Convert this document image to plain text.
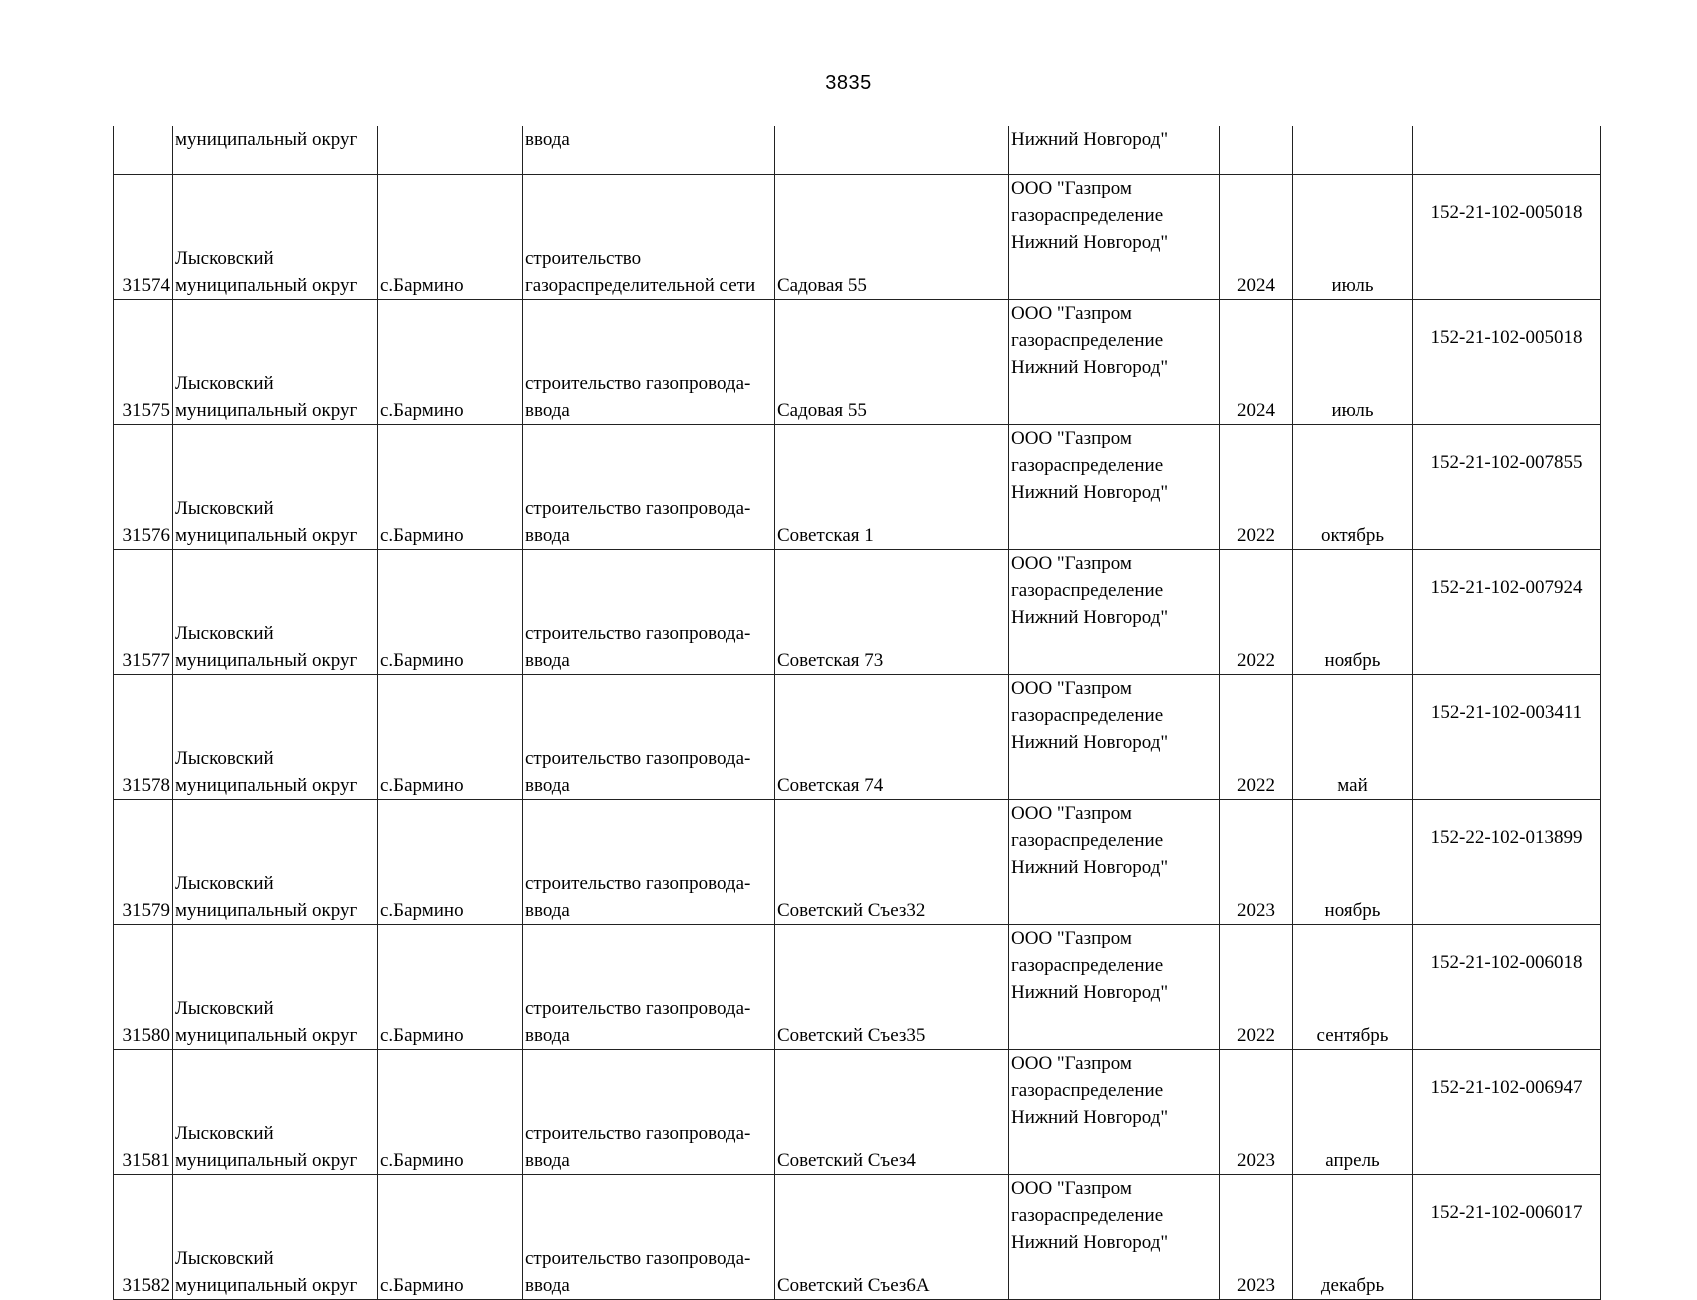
3835
	муниципальный округ		ввода		Нижний Новгород"			
31574	Лысковский
муниципальный округ	с.Бармино	строительство
газораспределительной сети	Садовая 55	ООО "Газпром
газораспределение
Нижний Новгород"	2024	июль	152-21-102-005018
31575	Лысковский
муниципальный округ	с.Бармино	строительство газопровода-
ввода	Садовая 55	ООО "Газпром
газораспределение
Нижний Новгород"	2024	июль	152-21-102-005018
31576	Лысковский
муниципальный округ	с.Бармино	строительство газопровода-
ввода	Советская 1	ООО "Газпром
газораспределение
Нижний Новгород"	2022	октябрь	152-21-102-007855
31577	Лысковский
муниципальный округ	с.Бармино	строительство газопровода-
ввода	Советская 73	ООО "Газпром
газораспределение
Нижний Новгород"	2022	ноябрь	152-21-102-007924
31578	Лысковский
муниципальный округ	с.Бармино	строительство газопровода-
ввода	Советская 74	ООО "Газпром
газораспределение
Нижний Новгород"	2022	май	152-21-102-003411
31579	Лысковский
муниципальный округ	с.Бармино	строительство газопровода-
ввода	Советский Съез32	ООО "Газпром
газораспределение
Нижний Новгород"	2023	ноябрь	152-22-102-013899
31580	Лысковский
муниципальный округ	с.Бармино	строительство газопровода-
ввода	Советский Съез35	ООО "Газпром
газораспределение
Нижний Новгород"	2022	сентябрь	152-21-102-006018
31581	Лысковский
муниципальный округ	с.Бармино	строительство газопровода-
ввода	Советский Съез4	ООО "Газпром
газораспределение
Нижний Новгород"	2023	апрель	152-21-102-006947
31582	Лысковский
муниципальный округ	с.Бармино	строительство газопровода-
ввода	Советский Съез6А	ООО "Газпром
газораспределение
Нижний Новгород"	2023	декабрь	152-21-102-006017
